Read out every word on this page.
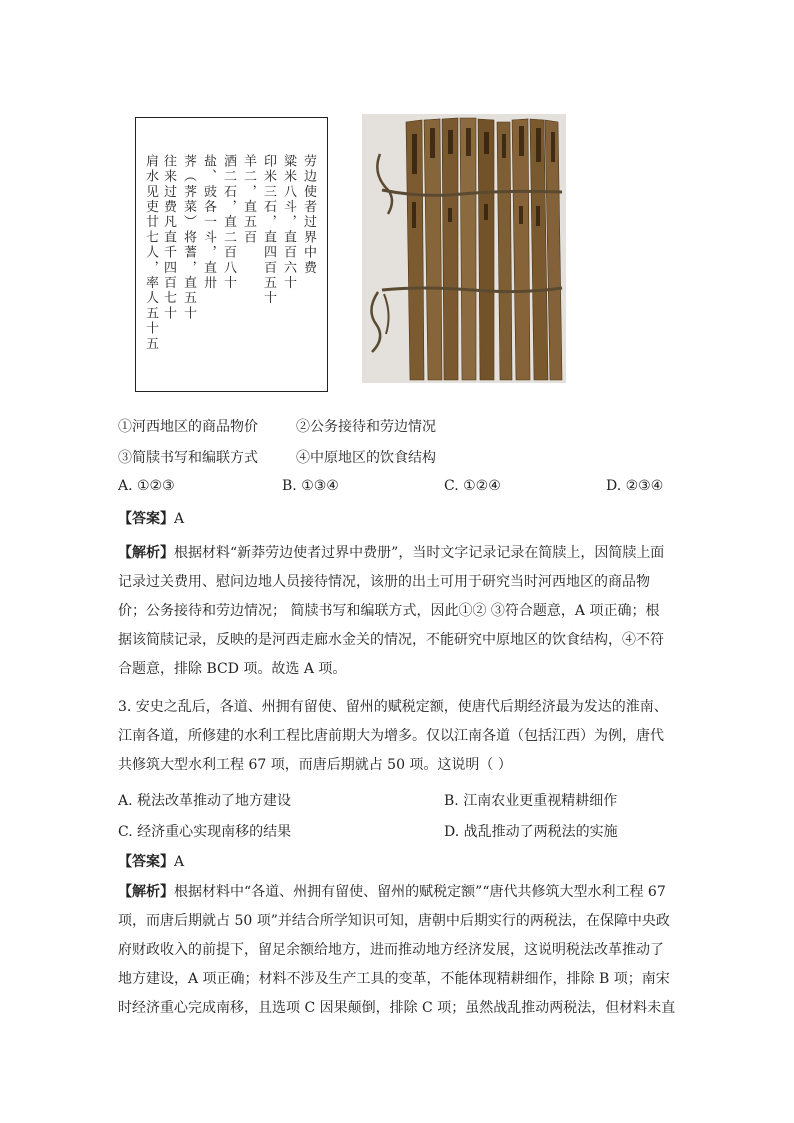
劳边使者过界中费
粱米八斗，直百六十
印米三石，直四百五十
羊二，直五百
酒二石，直二百八十
盐、豉各一斗，直卅
荠（荠菜）将蓍，直五十
往来过费凡直千四百七十
肩水见吏廿七人，率人五十五
①河西地区的商品物价	②公务接待和劳边情况
③简牍书写和编联方式	④中原地区的饮食结构
A. ①②③	B. ①③④	C. ①②④	D. ②③④
【答案】A
【解析】根据材料“新莽劳边使者过界中费册”，当时文字记录记录在简牍上，因简牍上面
记录过关费用、慰问边地人员接待情况，该册的出土可用于研究当时河西地区的商品物
价；公务接待和劳边情况； 简牍书写和编联方式，因此①② ③符合题意，A 项正确；根
据该简牍记录，反映的是河西走廊水金关的情况，不能研究中原地区的饮食结构，④不符
合题意，排除 BCD 项。故选 A 项。
3. 安史之乱后，各道、州拥有留使、留州的赋税定额，使唐代后期经济最为发达的淮南、
江南各道，所修建的水利工程比唐前期大为增多。仅以江南各道（包括江西）为例，唐代
共修筑大型水利工程 67 项，而唐后期就占 50 项。这说明（ ）
A. 税法改革推动了地方建设	B. 江南农业更重视精耕细作
C. 经济重心实现南移的结果	D. 战乱推动了两税法的实施
【答案】A
【解析】根据材料中“各道、州拥有留使、留州的赋税定额”“唐代共修筑大型水利工程 67
项，而唐后期就占 50 项”并结合所学知识可知，唐朝中后期实行的两税法，在保障中央政
府财政收入的前提下，留足余额给地方，进而推动地方经济发展，这说明税法改革推动了
地方建设，A 项正确；材料不涉及生产工具的变革，不能体现精耕细作，排除 B 项；南宋
时经济重心完成南移，且选项 C 因果颠倒，排除 C 项；虽然战乱推动两税法，但材料未直
